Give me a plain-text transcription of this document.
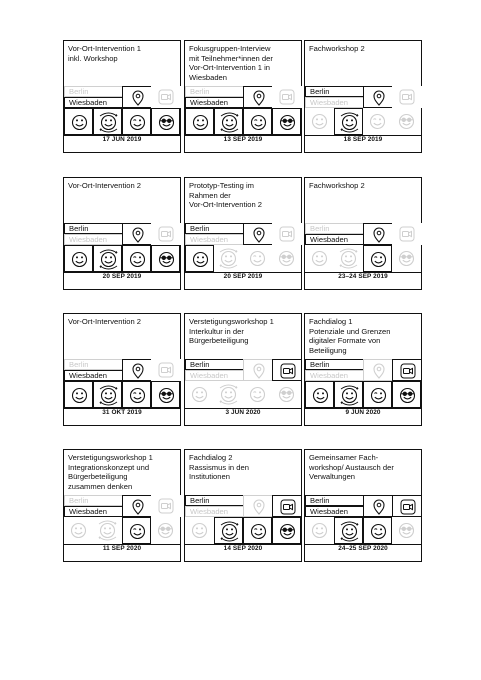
Vor-Ort-Intervention 1
inkl. Workshop
Berlin
Wiesbaden
17 JUN 2019
Fokusgruppen-Interview
mit Teilnehmer*innen der
Vor-Ort-Intervention 1 in
Wiesbaden
Berlin
Wiesbaden
13 SEP 2019
Fachworkshop 2
Berlin
Wiesbaden
18 SEP 2019
Vor-Ort-Intervention 2
Berlin
Wiesbaden
20 SEP 2019
Prototyp-Testing im
Rahmen der
Vor-Ort-Intervention 2
Berlin
Wiesbaden
20 SEP 2019
Fachworkshop 2
Berlin
Wiesbaden
23–24 SEP 2019
Vor-Ort-Intervention 2
Berlin
Wiesbaden
31 OKT 2019
Verstetigungsworkshop 1
Interkultur in der
Bürgerbeteiligung
Berlin
Wiesbaden
3 JUN 2020
Fachdialog 1
Potenziale und Grenzen
digitaler Formate von
Beteiligung
Berlin
Wiesbaden
9 JUN 2020
Verstetigungsworkshop 1
Integrationskonzept und
Bürgerbeteiligung
zusammen denken
Berlin
Wiesbaden
11 SEP 2020
Fachdialog 2
Rassismus in den
Institutionen
Berlin
Wiesbaden
14 SEP 2020
Gemeinsamer Fach-
workshop/ Austausch der
Verwaltungen
Berlin
Wiesbaden
24–25 SEP 2020
